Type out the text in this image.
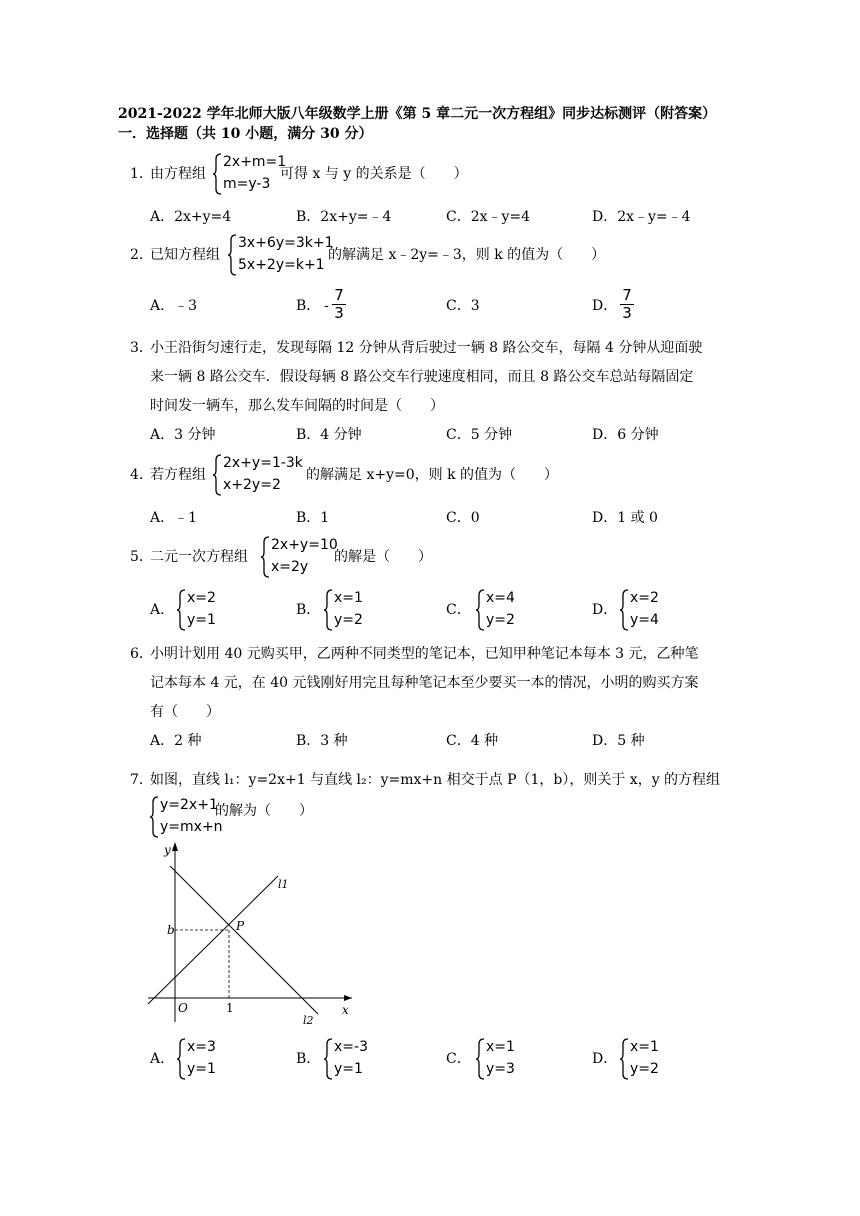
2021-2022 学年北师大版八年级数学上册《第 5 章二元一次方程组》同步达标测评（附答案）
一．选择题（共 10 小题，满分 30 分）
1．
由方程组
2x+m=1
m=y-3
可得 x 与 y 的关系是（　　）
A．2x+y=4	B．2x+y=﹣4	C．2x﹣y=4	D．2x﹣y=﹣4
2．
已知方程组
3x+6y=3k+1
5x+2y=k+1
的解满足 x﹣2y=﹣3，则 k 的值为（　　）
A．﹣3	B． - $\frac{7}{3}$	C．3	D． $\frac{7}{3}$
3．
小王沿街匀速行走，发现每隔 12 分钟从背后驶过一辆 8 路公交车，每隔 4 分钟从迎面驶
来一辆 8 路公交车．假设每辆 8 路公交车行驶速度相同，而且 8 路公交车总站每隔固定
时间发一辆车，那么发车间隔的时间是（　　）
A．3 分钟	B．4 分钟	C．5 分钟	D．6 分钟
4．
若方程组
2x+y=1-3k
x+2y=2
的解满足 x+y=0，则 k 的值为（　　）
A．﹣1	B．1	C．0	D．1 或 0
5．
二元一次方程组
2x+y=10
x=2y
的解是（　　）
A．
x=2
y=1
B．
x=1
y=2
C．
x=4
y=2
D．
x=2
y=4
6．
小明计划用 40 元购买甲，乙两种不同类型的笔记本，已知甲种笔记本每本 3 元，乙种笔
记本每本 4 元，在 40 元钱刚好用完且每种笔记本至少要买一本的情况，小明的购买方案
有（　　）
A．2 种	B．3 种	C．4 种	D．5 种
7．
如图，直线 l₁：y=2x+1 与直线 l₂：y=mx+n 相交于点 P（1，b），则关于 x，y 的方程组
y=2x+1
y=mx+n
的解为（　　）
y
x
O	1
b	P
l1
l2
A．
x=3
y=1
B．
x=-3
y=1
C．
x=1
y=3
D．
x=1
y=2
